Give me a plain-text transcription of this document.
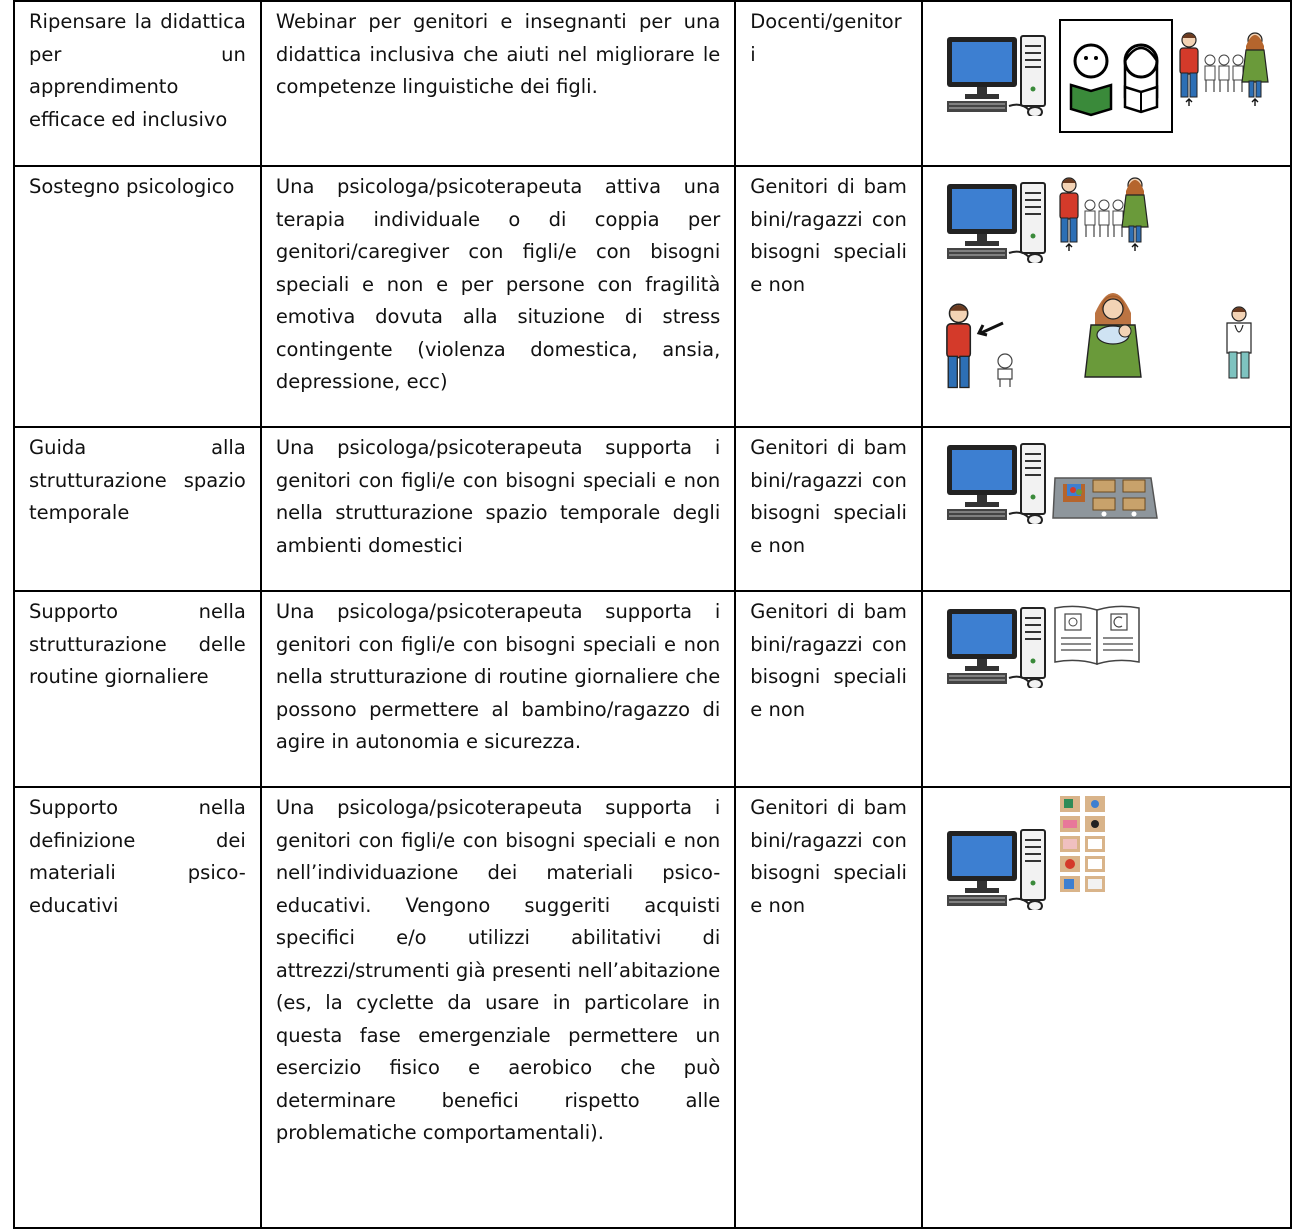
Ripensare la didattica per un apprendimento efficace ed inclusivo	Webinar per genitori e insegnanti per una didattica inclusiva che aiuti nel migliorare le competenze linguistiche dei figli.	Docenti/genitori	

Sostegno psicologico	Una psicologa/psicoterapeuta attiva una terapia individuale o di coppia per genitori/caregiver con figli/e con bisogni speciali e non e per persone con fragilità emotiva dovuta alla situzione di stress contingente (violenza domestica, ansia, depressione, ecc)	Genitori di bambini/ragazzi con bisogni speciali e non	

Guida alla strutturazione spazio temporale	Una psicologa/psicoterapeuta supporta i genitori con figli/e con bisogni speciali e non nella strutturazione spazio temporale degli ambienti domestici	Genitori di bambini/ragazzi con bisogni speciali e non	

Supporto nella strutturazione delle routine giornaliere	Una psicologa/psicoterapeuta supporta i genitori con figli/e con bisogni speciali e non nella strutturazione di routine giornaliere che possono permettere al bambino/ragazzo di agire in autonomia e sicurezza.	Genitori di bambini/ragazzi con bisogni speciali e non	

Supporto nella definizione dei materiali psico-educativi	Una psicologa/psicoterapeuta supporta i genitori con figli/e con bisogni speciali e non nell’individuazione dei materiali psico-educativi. Vengono suggeriti acquisti specifici e/o utilizzi abilitativi di attrezzi/strumenti già presenti nell’abitazione (es, la cyclette da usare in particolare in questa fase emergenziale permettere un esercizio fisico e aerobico che può determinare benefici rispetto alle problematiche comportamentali).	Genitori di bambini/ragazzi con bisogni speciali e non	
